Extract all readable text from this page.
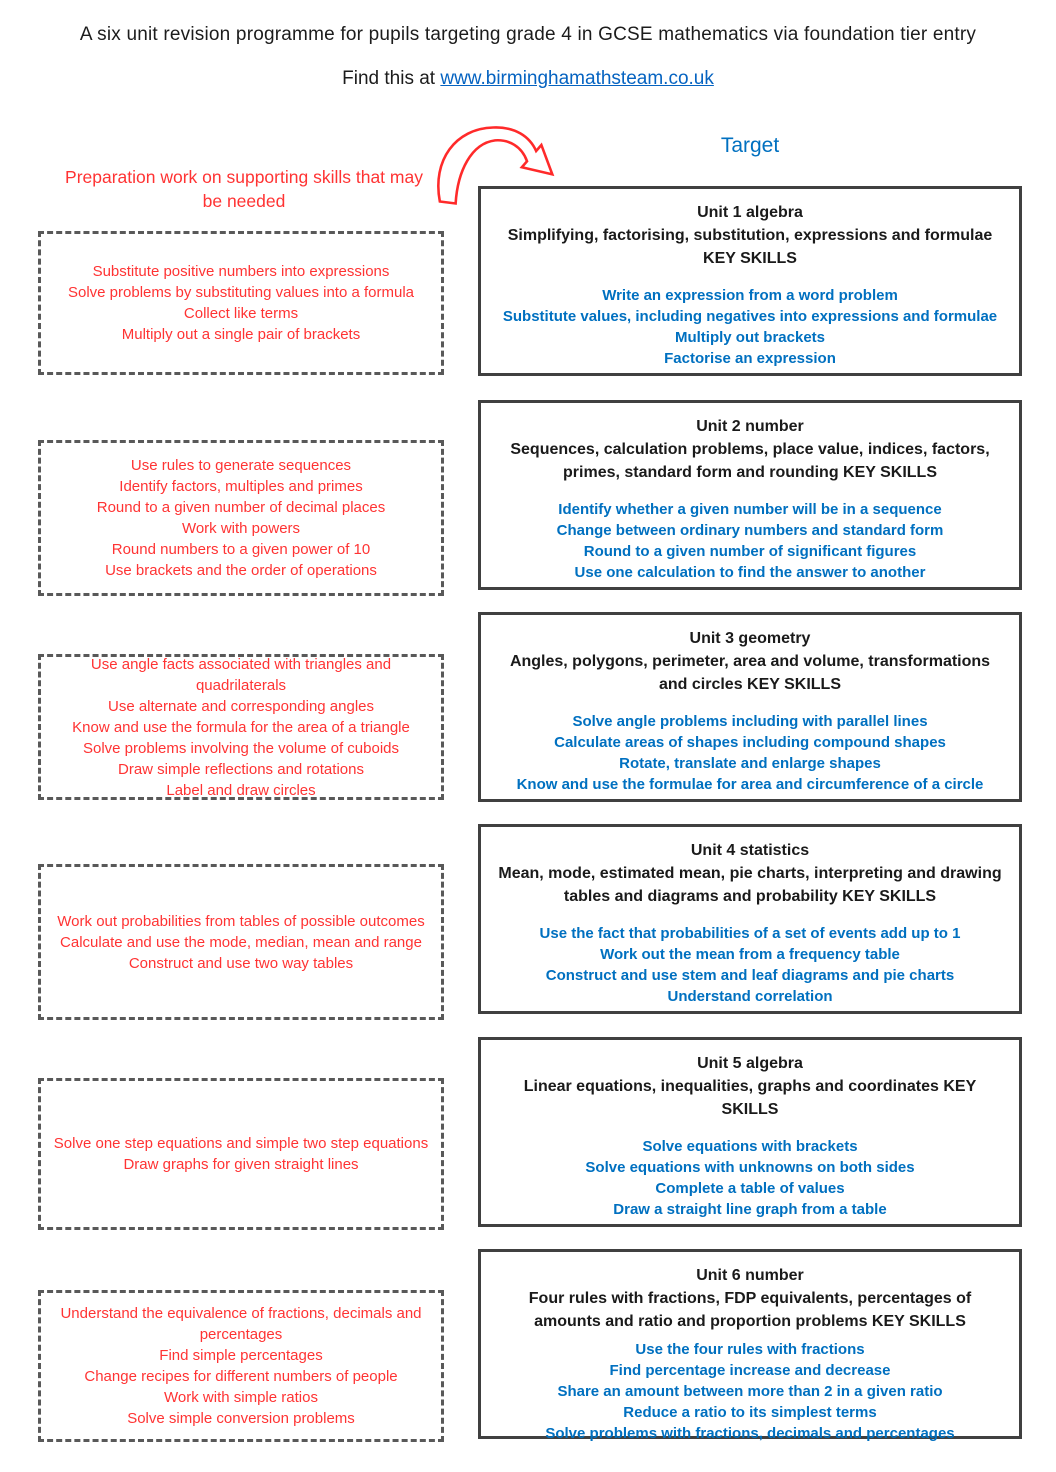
A six unit revision programme for pupils targeting grade 4 in GCSE mathematics via foundation tier entry
Find this at www.birminghamathsteam.co.uk
Target
Preparation work on supporting skills that may be needed
Substitute positive numbers into expressions
Solve problems by substituting values into a formula
Collect like terms
Multiply out a single pair of brackets
Unit 1 algebra
Simplifying, factorising, substitution, expressions and formulae KEY SKILLS
Write an expression from a word problem
Substitute values, including negatives into expressions and formulae
Multiply out brackets
Factorise an expression
Use rules to generate sequences
Identify factors, multiples and primes
Round to a given number of decimal places
Work with powers
Round numbers to a given power of 10
Use brackets and the order of operations
Unit 2 number
Sequences, calculation problems, place value, indices, factors, primes, standard form and rounding KEY SKILLS
Identify whether a given number will be in a sequence
Change between ordinary numbers and standard form
Round to a given number of significant figures
Use one calculation to find the answer to another
Use angle facts associated with triangles and quadrilaterals
Use alternate and corresponding angles
Know and use the formula for the area of a triangle
Solve problems involving the volume of cuboids
Draw simple reflections and rotations
Label and draw circles
Unit 3 geometry
Angles, polygons, perimeter, area and volume, transformations and circles KEY SKILLS
Solve angle problems including with parallel lines
Calculate areas of shapes including compound shapes
Rotate, translate and enlarge shapes
Know and use the formulae for area and circumference of a circle
Work out probabilities from tables of possible outcomes
Calculate and use the mode, median, mean and range
Construct and use two way tables
Unit 4 statistics
Mean, mode, estimated mean, pie charts, interpreting and drawing tables and diagrams and probability KEY SKILLS
Use the fact that probabilities of a set of events add up to 1
Work out the mean from a frequency table
Construct and use stem and leaf diagrams and pie charts
Understand correlation
Solve one step equations and simple two step equations
Draw graphs for given straight lines
Unit 5 algebra
Linear equations, inequalities, graphs and coordinates KEY SKILLS
Solve equations with brackets
Solve equations with unknowns on both sides
Complete a table of values
Draw a straight line graph from a table
Understand the equivalence of fractions, decimals and percentages
Find simple percentages
Change recipes for different numbers of people
Work with simple ratios
Solve simple conversion problems
Unit 6 number
Four rules with fractions, FDP equivalents, percentages of amounts and ratio and proportion problems KEY SKILLS
Use the four rules with fractions
Find percentage increase and decrease
Share an amount between more than 2 in a given ratio
Reduce a ratio to its simplest terms
Solve problems with fractions, decimals and percentages
